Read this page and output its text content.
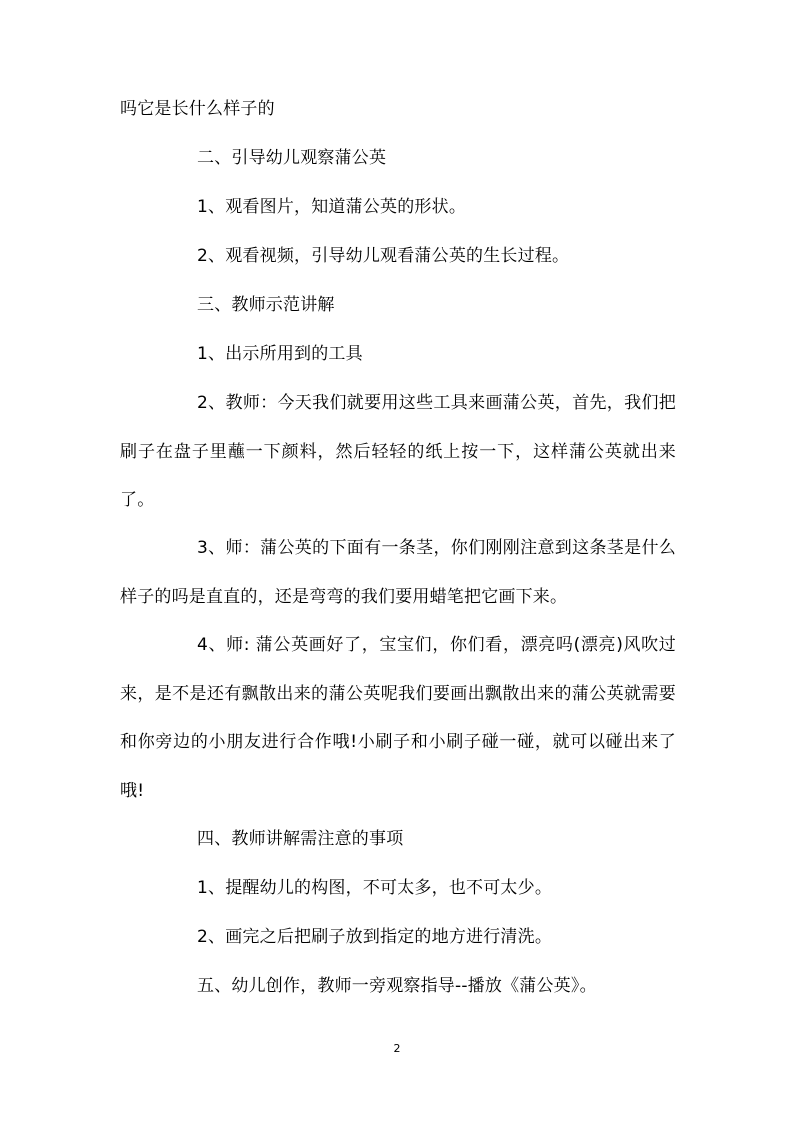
吗它是长什么样子的
二、引导幼儿观察蒲公英
1、观看图片，知道蒲公英的形状。
2、观看视频，引导幼儿观看蒲公英的生长过程。
三、教师示范讲解
1、出示所用到的工具
2、教师：今天我们就要用这些工具来画蒲公英，首先，我们把刷子在盘子里蘸一下颜料，然后轻轻的纸上按一下，这样蒲公英就出来了。
3、师：蒲公英的下面有一条茎，你们刚刚注意到这条茎是什么样子的吗是直直的，还是弯弯的我们要用蜡笔把它画下来。
4、师: 蒲公英画好了，宝宝们，你们看，漂亮吗(漂亮)风吹过来，是不是还有飘散出来的蒲公英呢我们要画出飘散出来的蒲公英就需要和你旁边的小朋友进行合作哦!小刷子和小刷子碰一碰，就可以碰出来了哦!
四、教师讲解需注意的事项
1、提醒幼儿的构图，不可太多，也不可太少。
2、画完之后把刷子放到指定的地方进行清洗。
五、幼儿创作，教师一旁观察指导--播放《蒲公英》。
2
